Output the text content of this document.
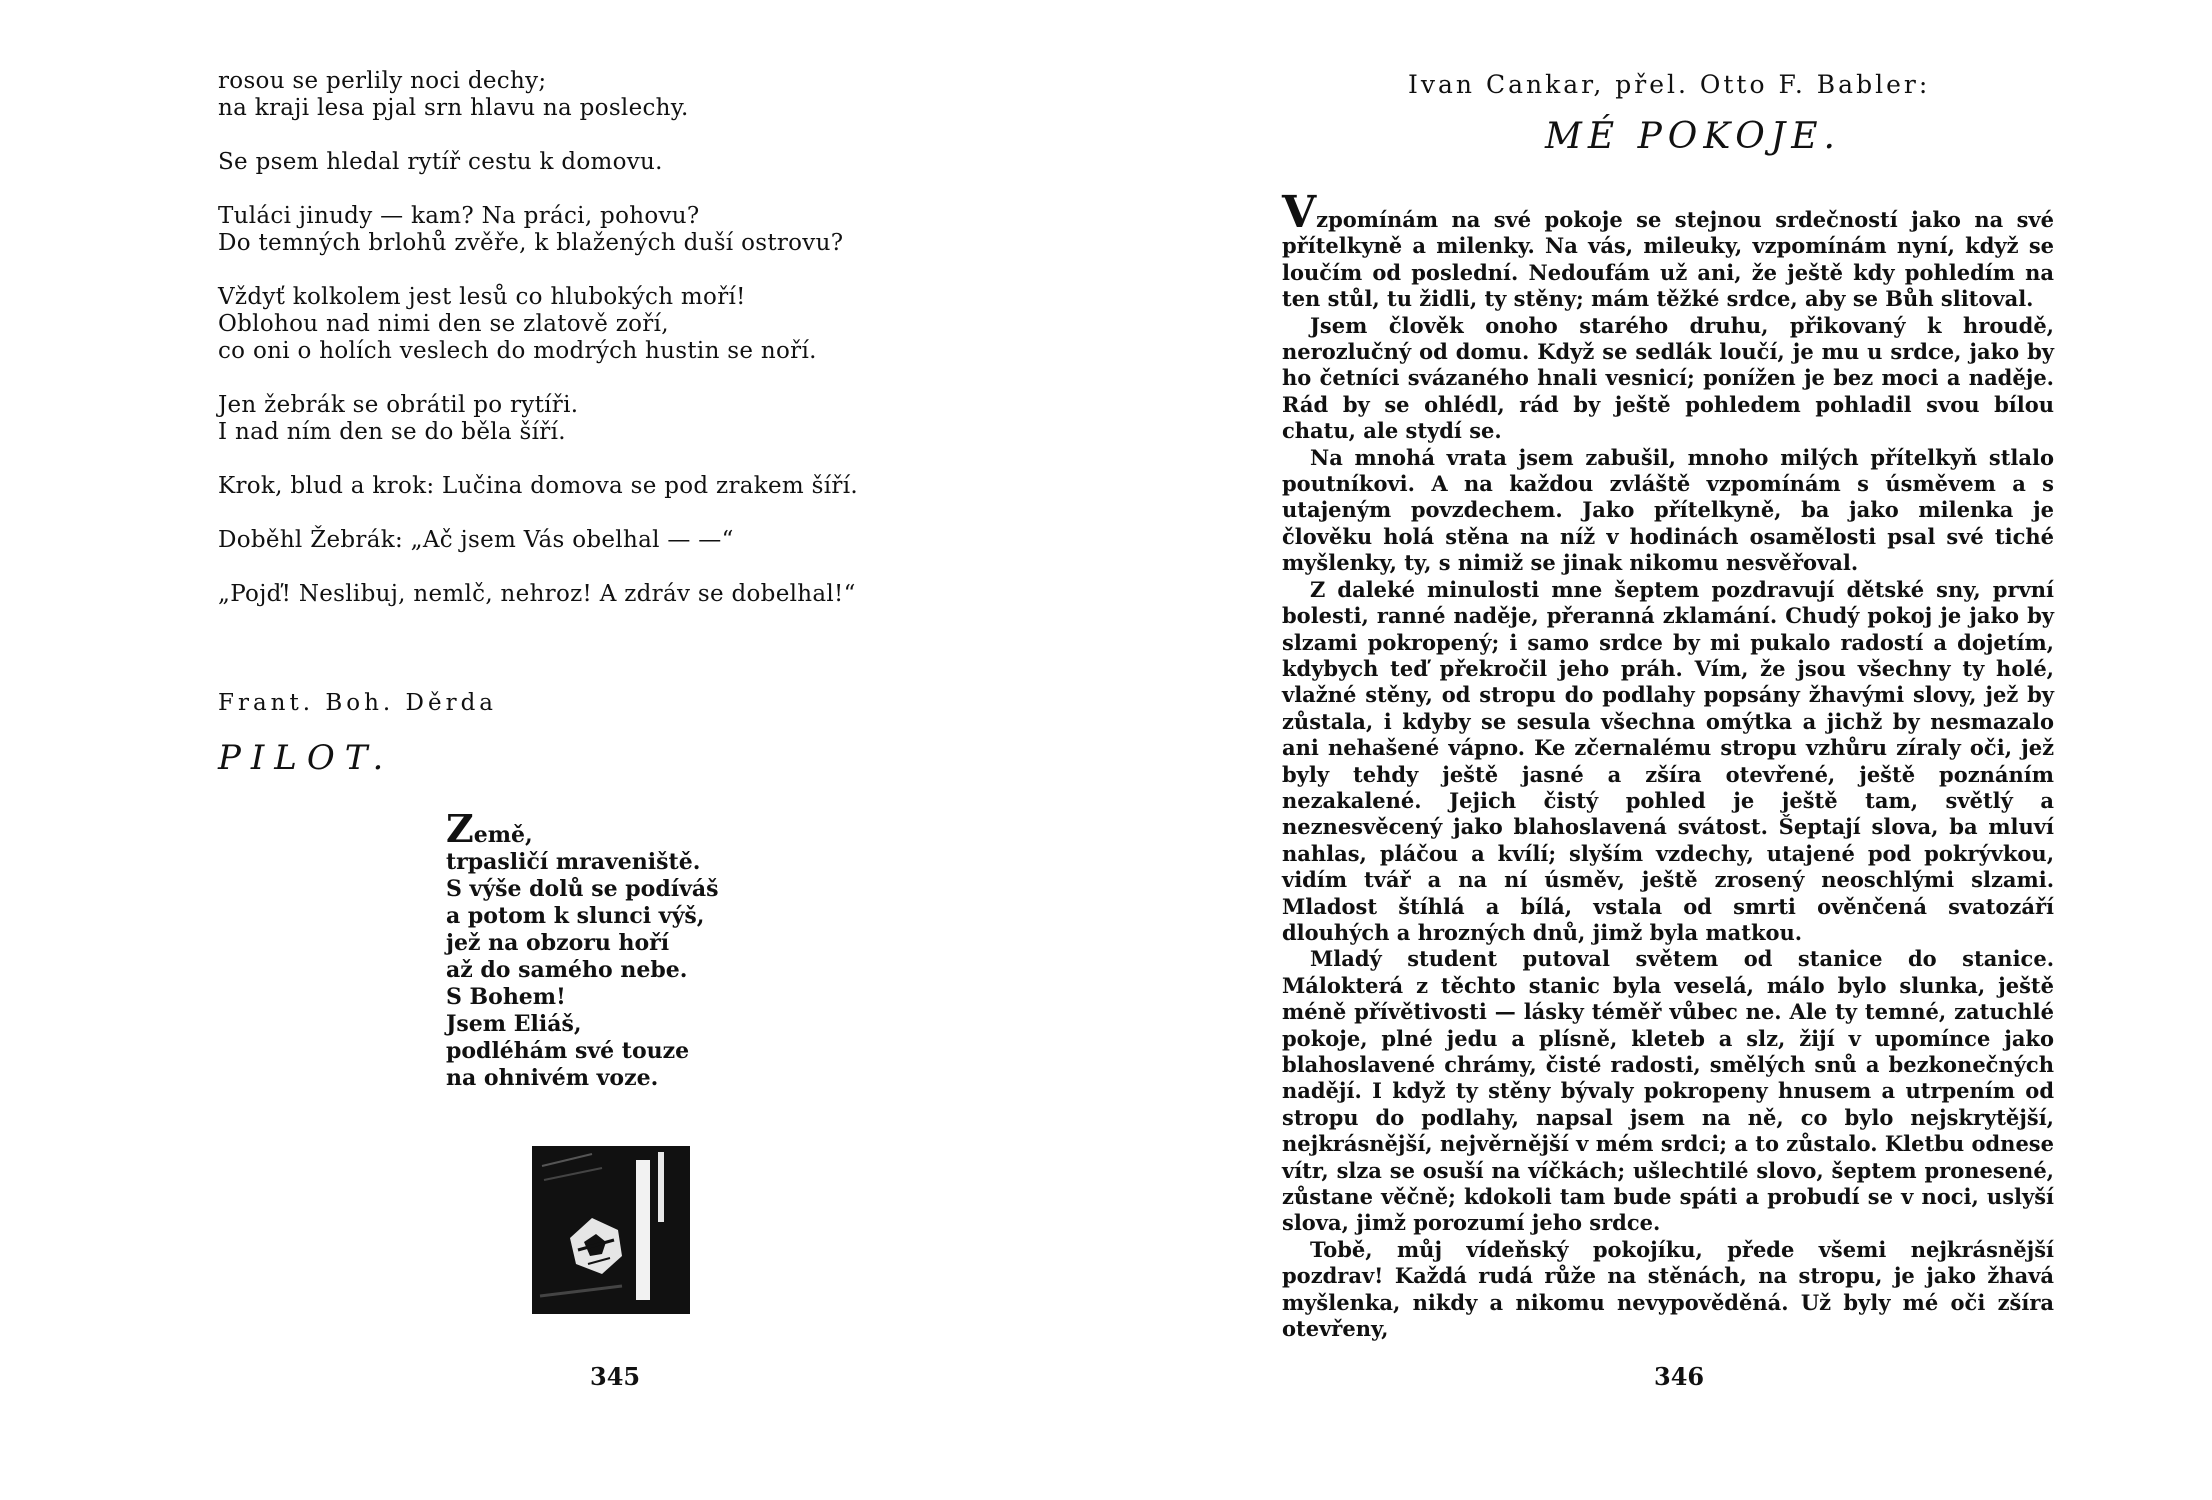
rosou se perlily noci dechy;
na kraji lesa pjal srn hlavu na poslechy.
Se psem hledal rytíř cestu k domovu.
Tuláci jinudy — kam? Na práci, pohovu?
Do temných brlohů zvěře, k blažených duší ostrovu?
Vždyť kolkolem jest lesů co hlubokých moří!
Oblohou nad nimi den se zlatově zoří,
co oni o holích veslech do modrých hustin se noří.
Jen žebrák se obrátil po rytíři.
I nad ním den se do běla šíří.
Krok, blud a krok: Lučina domova se pod zrakem šíří.
Doběhl Žebrák: „Ač jsem Vás obelhal — —“
„Pojď! Neslibuj, nemlč, nehroz! A zdráv se dobelhal!“
Frant. Boh. Děrda
PILOT.
Země,
trpasličí mraveniště.
S výše dolů se podíváš
a potom k slunci výš,
jež na obzoru hoří
až do samého nebe.
S Bohem!
Jsem Eliáš,
podléhám své touze
na ohnivém voze.
345
Ivan Cankar, přel. Otto F. Babler:
MÉ POKOJE.

Vzpomínám na své pokoje se stejnou srdečností jako na své přítelkyně a milenky. Na vás, mileuky, vzpomínám nyní, když se loučím od poslední. Nedoufám už ani, že ještě kdy pohledím na ten stůl, tu židli, ty stěny; mám těžké srdce, aby se Bůh slitoval.

Jsem člověk onoho starého druhu, přikovaný k hroudě, nerozlučný od domu. Když se sedlák loučí, je mu u srdce, jako by ho četníci svázaného hnali vesnicí; ponížen je bez moci a naděje. Rád by se ohlédl, rád by ještě pohledem pohladil svou bílou chatu, ale stydí se.

Na mnohá vrata jsem zabušil, mnoho milých přítelkyň stlalo poutníkovi. A na každou zvláště vzpomínám s úsměvem a s utajeným povzdechem. Jako přítelkyně, ba jako milenka je člověku holá stěna na níž v hodinách osamělosti psal své tiché myšlenky, ty, s nimiž se jinak nikomu nesvěřoval.

Z daleké minulosti mne šeptem pozdravují dětské sny, první bolesti, ranné naděje, přeranná zklamání. Chudý pokoj je jako by slzami pokropený; i samo srdce by mi pukalo radostí a dojetím, kdybych teď překročil jeho práh. Vím, že jsou všechny ty holé, vlažné stěny, od stropu do podlahy popsány žhavými slovy, jež by zůstala, i kdyby se sesula všechna omýtka a jichž by nesmazalo ani nehašené vápno. Ke zčernalému stropu vzhůru zíraly oči, jež byly tehdy ještě jasné a zšíra otevřené, ještě poznáním nezakalené. Jejich čistý pohled je ještě tam, světlý a neznesvěcený jako blahoslavená svátost. Šeptají slova, ba mluví nahlas, pláčou a kvílí; slyším vzdechy, utajené pod pokrývkou, vidím tvář a na ní úsměv, ještě zrosený neoschlými slzami. Mladost štíhlá a bílá, vstala od smrti ověnčená svatozáří dlouhých a hrozných dnů, jimž byla matkou.

Mladý student putoval světem od stanice do stanice. Málokterá z těchto stanic byla veselá, málo bylo slunka, ještě méně přívětivosti — lásky téměř vůbec ne. Ale ty temné, zatuchlé pokoje, plné jedu a plísně, kleteb a slz, žijí v upomínce jako blahoslavené chrámy, čisté radosti, smělých snů a bezkonečných nadějí. I když ty stěny bývaly pokropeny hnusem a utrpením od stropu do podlahy, napsal jsem na ně, co bylo nejskrytější, nejkrásnější, nejvěrnější v mém srdci; a to zůstalo. Kletbu odnese vítr, slza se osuší na víčkách; ušlechtilé slovo, šeptem pronesené, zůstane věčně; kdokoli tam bude spáti a probudí se v noci, uslyší slova, jimž porozumí jeho srdce.

Tobě, můj vídeňský pokojíku, přede všemi nejkrásnější pozdrav! Každá rudá růže na stěnách, na stropu, je jako žhavá myšlenka, nikdy a nikomu nevypověděná. Už byly mé oči zšíra otevřeny,

346
